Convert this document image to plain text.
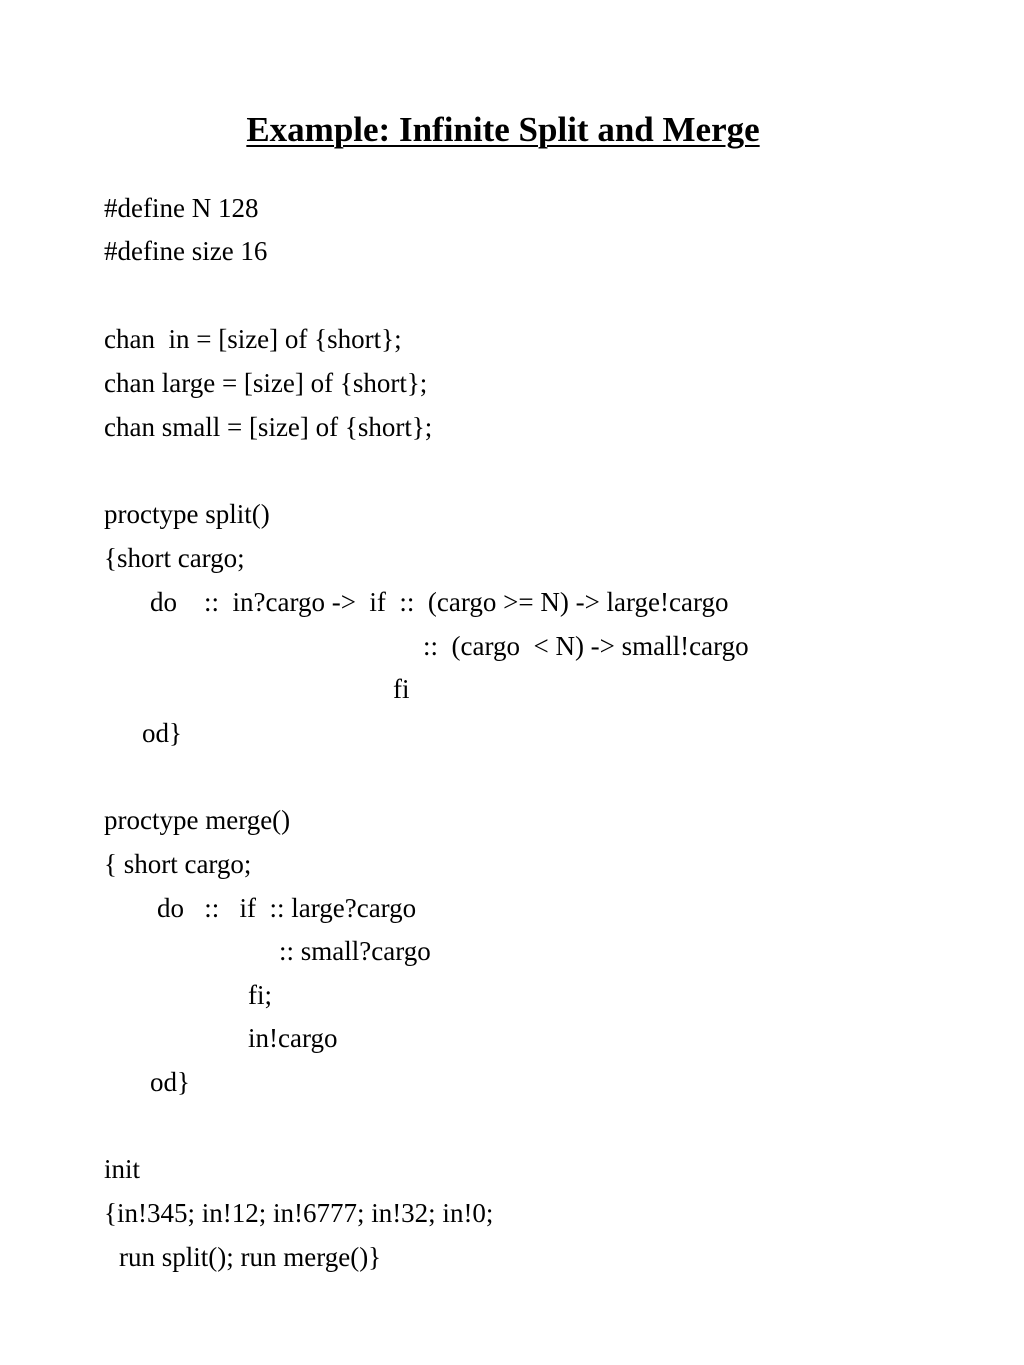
Example: Infinite Split and Merge

#define N 128

#define size 16

chan  in = [size] of {short};

chan large = [size] of {short};

chan small = [size] of {short};

proctype split()

{short cargo;

do    ::  in?cargo ->  if  ::  (cargo >= N) -> large!cargo

::  (cargo  < N) -> small!cargo

fi

od}

proctype merge()

{ short cargo;

do   ::   if  :: large?cargo

:: small?cargo

fi;

in!cargo

od}

init

{in!345; in!12; in!6777; in!32; in!0;

run split(); run merge()}
